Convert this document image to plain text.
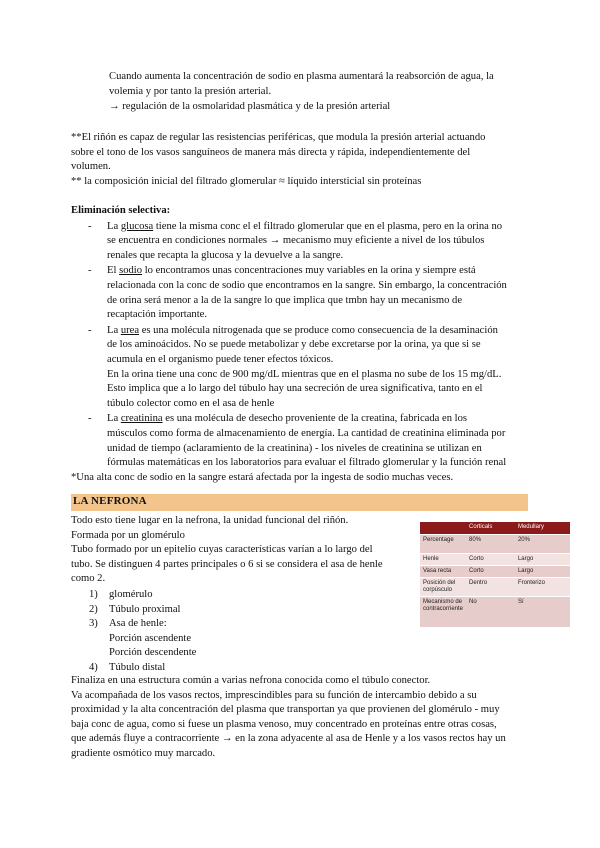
Cuando aumenta la concentración de sodio en plasma aumentará la reabsorción de agua, la

volemia y por tanto la presión arterial.

→ regulación de la osmolaridad plasmática y de la presión arterial

**El riñón es capaz de regular las resistencias periféricas, que modula la presión arterial actuando

sobre el tono de los vasos sanguíneos de manera más directa y rápida, independientemente del

volumen.

** la composición inicial del filtrado glomerular ≈ líquido intersticial sin proteínas

Eliminación selectiva:

- La glucosa tiene la misma conc el el filtrado glomerular que en el plasma, pero en la orina no

se encuentra en condiciones normales → mecanismo muy eficiente a nivel de los túbulos

renales que recapta la glucosa y la devuelve a la sangre.

- El sodio lo encontramos unas concentraciones muy variables en la orina y siempre está

relacionada con la conc de sodio que encontramos en la sangre. Sin embargo, la concentración

de orina será menor a la de la sangre lo que implica que tmbn hay un mecanismo de

recaptación importante.

- La urea es una molécula nitrogenada que se produce como consecuencia de la desaminación

de los aminoácidos. No se puede metabolizar y debe excretarse por la orina, ya que si se

acumula en el organismo puede tener efectos tóxicos.

En la orina tiene una conc de 900 mg/dL mientras que en el plasma no sube de los 15 mg/dL.

Esto implica que a lo largo del túbulo hay una secreción de urea significativa, tanto en el

túbulo colector como en el asa de henle

- La creatinina es una molécula de desecho proveniente de la creatina, fabricada en los

músculos como forma de almacenamiento de energía. La cantidad de creatinina eliminada por

unidad de tiempo (aclaramiento de la creatinina) - los niveles de creatinina se utilizan en

fórmulas matemáticas en los laboratorios para evaluar el filtrado glomerular y la función renal

*Una alta conc de sodio en la sangre estará afectada por la ingesta de sodio muchas veces.

LA NEFRONA

Todo esto tiene lugar en la nefrona, la unidad funcional del riñón.

Formada por un glomérulo

Tubo formado por un epitelio cuyas características varían a lo largo del

tubo. Se distinguen 4 partes principales o 6 si se considera el asa de henle

como 2.

1) glomérulo
2) Túbulo proximal
3) Asa de henle:
Porción ascendente
Porción descendente
4) Túbulo distal

Finaliza en una estructura común a varias nefrona conocida como el túbulo conector.

Va acompañada de los vasos rectos, imprescindibles para su función de intercambio debido a su

proximidad y la alta concentración del plasma que transportan ya que provienen del glomérulo - muy

baja conc de agua, como si fuese un plasma venoso, muy concentrado en proteínas entre otras cosas,

que además fluye a contracorriente → en la zona adyacente al asa de Henle y a los vasos rectos hay un

gradiente osmótico muy marcado.

	Corticals	Medullary
Percentage	80%	20%
Henle	Corto	Largo
Vasa recta	Corto	Largo
Posición del corpúsculo	Dentro	Fronterizo
Mecanismo de contracorriente	No	Sí
